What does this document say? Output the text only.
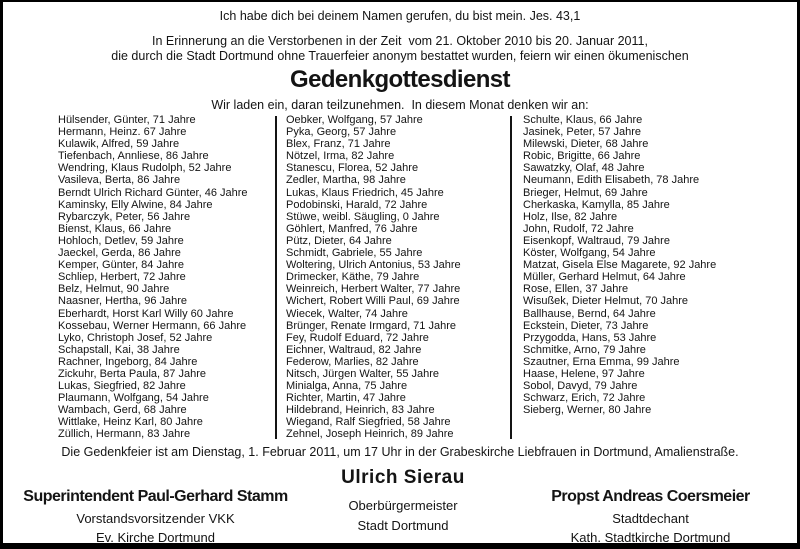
Ich habe dich bei deinem Namen gerufen, du bist mein. Jes. 43,1
In Erinnerung an die Verstorbenen in der Zeit  vom 21. Oktober 2010 bis 20. Januar 2011,
die durch die Stadt Dortmund ohne Trauerfeier anonym bestattet wurden, feiern wir einen ökumenischen
Gedenkgottesdienst
Wir laden ein, daran teilzunehmen.  In diesem Monat denken wir an:
Hülsender, Günter, 71 Jahre
Hermann, Heinz. 67 Jahre
Kulawik, Alfred, 59 Jahre
Tiefenbach, Annliese, 86 Jahre
Wendring, Klaus Rudolph, 52 Jahre
Vasileva, Berta, 86 Jahre
Berndt Ulrich Richard Günter, 46 Jahre
Kaminsky, Elly Alwine, 84 Jahre
Rybarczyk, Peter, 56 Jahre
Bienst, Klaus, 66 Jahre
Hohloch, Detlev, 59 Jahre
Jaeckel, Gerda, 86 Jahre
Kemper, Günter, 84 Jahre
Schliep, Herbert, 72 Jahre
Belz, Helmut, 90 Jahre
Naasner, Hertha, 96 Jahre
Eberhardt, Horst Karl Willy 60 Jahre
Kossebau, Werner Hermann, 66 Jahre
Lyko, Christoph Josef, 52 Jahre
Schapstall, Kai, 38 Jahre
Rachner, Ingeborg, 84 Jahre
Zickuhr, Berta Paula, 87 Jahre
Lukas, Siegfried, 82 Jahre
Plaumann, Wolfgang, 54 Jahre
Wambach, Gerd, 68 Jahre
Wittlake, Heinz Karl, 80 Jahre
Züllich, Hermann, 83 Jahre
Oebker, Wolfgang, 57 Jahre
Pyka, Georg, 57 Jahre
Blex, Franz, 71 Jahre
Nötzel, Irma, 82 Jahre
Stanescu, Florea, 52 Jahre
Zedler, Martha, 98 Jahre
Lukas, Klaus Friedrich, 45 Jahre
Podobinski, Harald, 72 Jahre
Stüwe, weibl. Säugling, 0 Jahre
Göhlert, Manfred, 76 Jahre
Pütz, Dieter, 64 Jahre
Schmidt, Gabriele, 55 Jahre
Woltering, Ulrich Antonius, 53 Jahre
Drimecker, Käthe, 79 Jahre
Weinreich, Herbert Walter, 77 Jahre
Wichert, Robert Willi Paul, 69 Jahre
Wiecek, Walter, 74 Jahre
Brünger, Renate Irmgard, 71 Jahre
Fey, Rudolf Eduard, 72 Jahre
Eichner, Waltraud, 82 Jahre
Federow, Marlies, 82 Jahre
Nitsch, Jürgen Walter, 55 Jahre
Minialga, Anna, 75 Jahre
Richter, Martin, 47 Jahre
Hildebrand, Heinrich, 83 Jahre
Wiegand, Ralf Siegfried, 58 Jahre
Zehnel, Joseph Heinrich, 89 Jahre
Schulte, Klaus, 66 Jahre
Jasinek, Peter, 57 Jahre
Milewski, Dieter, 68 Jahre
Robic, Brigitte, 66 Jahre
Sawatzky, Olaf, 48 Jahre
Neumann, Edith Elisabeth, 78 Jahre
Brieger, Helmut, 69 Jahre
Cherkaska, Kamylla, 85 Jahre
Holz, Ilse, 82 Jahre
John, Rudolf, 72 Jahre
Eisenkopf, Waltraud, 79 Jahre
Köster, Wolfgang, 54 Jahre
Matzat, Gisela Else Magarete, 92 Jahre
Müller, Gerhard Helmut, 64 Jahre
Rose, Ellen, 37 Jahre
Wisußek, Dieter Helmut, 70 Jahre
Ballhause, Bernd, 64 Jahre
Eckstein, Dieter, 73 Jahre
Przygodda, Hans, 53 Jahre
Schmitke, Arno, 79 Jahre
Szautner, Erna Emma, 99 Jahre
Haase, Helene, 97 Jahre
Sobol, Davyd, 79 Jahre
Schwarz, Erich, 72 Jahre
Sieberg, Werner, 80 Jahre
Die Gedenkfeier ist am Dienstag, 1. Februar 2011, um 17 Uhr in der Grabeskirche Liebfrauen in Dortmund, Amalienstraße.
Ulrich Sierau
Oberbürgermeister
Stadt Dortmund
Superintendent Paul-Gerhard Stamm
Vorstandsvorsitzender VKK
Ev. Kirche Dortmund
Propst Andreas Coersmeier
Stadtdechant
Kath. Stadtkirche Dortmund
